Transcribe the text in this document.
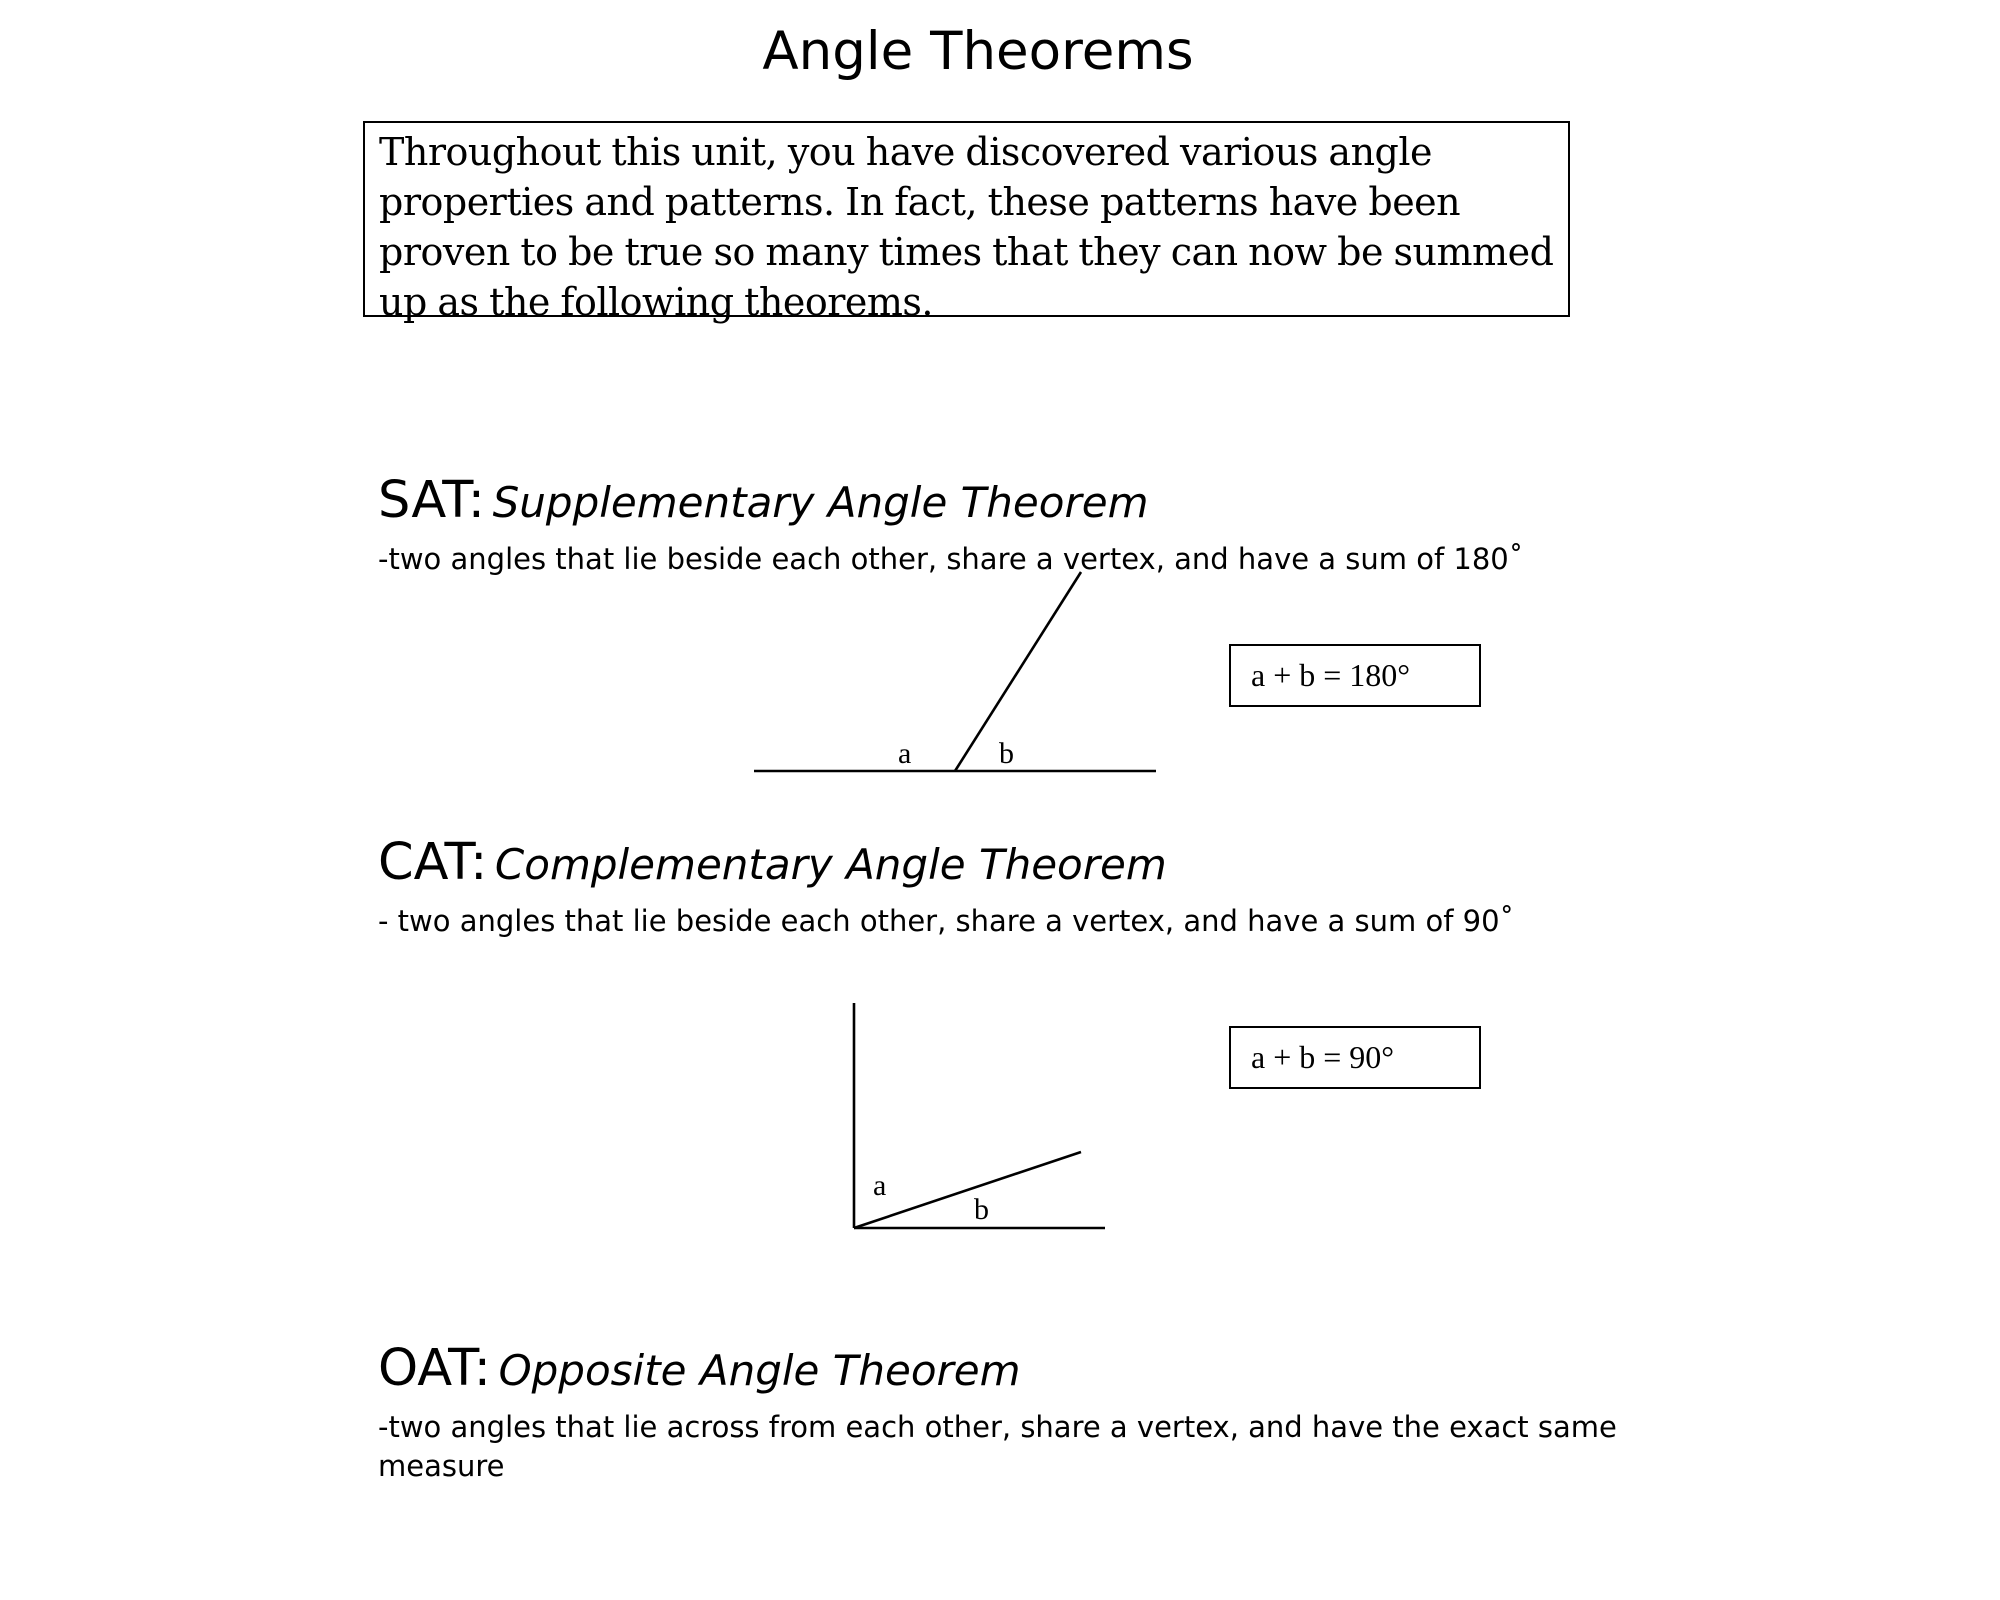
Angle Theorems
Throughout this unit, you have discovered various angle properties and patterns. In fact, these patterns have been proven to be true so many times that they can now be summed up as the following theorems.
SAT: Supplementary Angle Theorem

-two angles that lie beside each other, share a vertex, and have a sum of 180˚

CAT: Complementary Angle Theorem

- two angles that lie beside each other, share a vertex, and have a sum of 90˚

OAT: Opposite Angle Theorem

-two angles that lie across from each other, share a vertex, and have the exact same measure

a	b
a
b
a + b = 180°
a + b = 90°
